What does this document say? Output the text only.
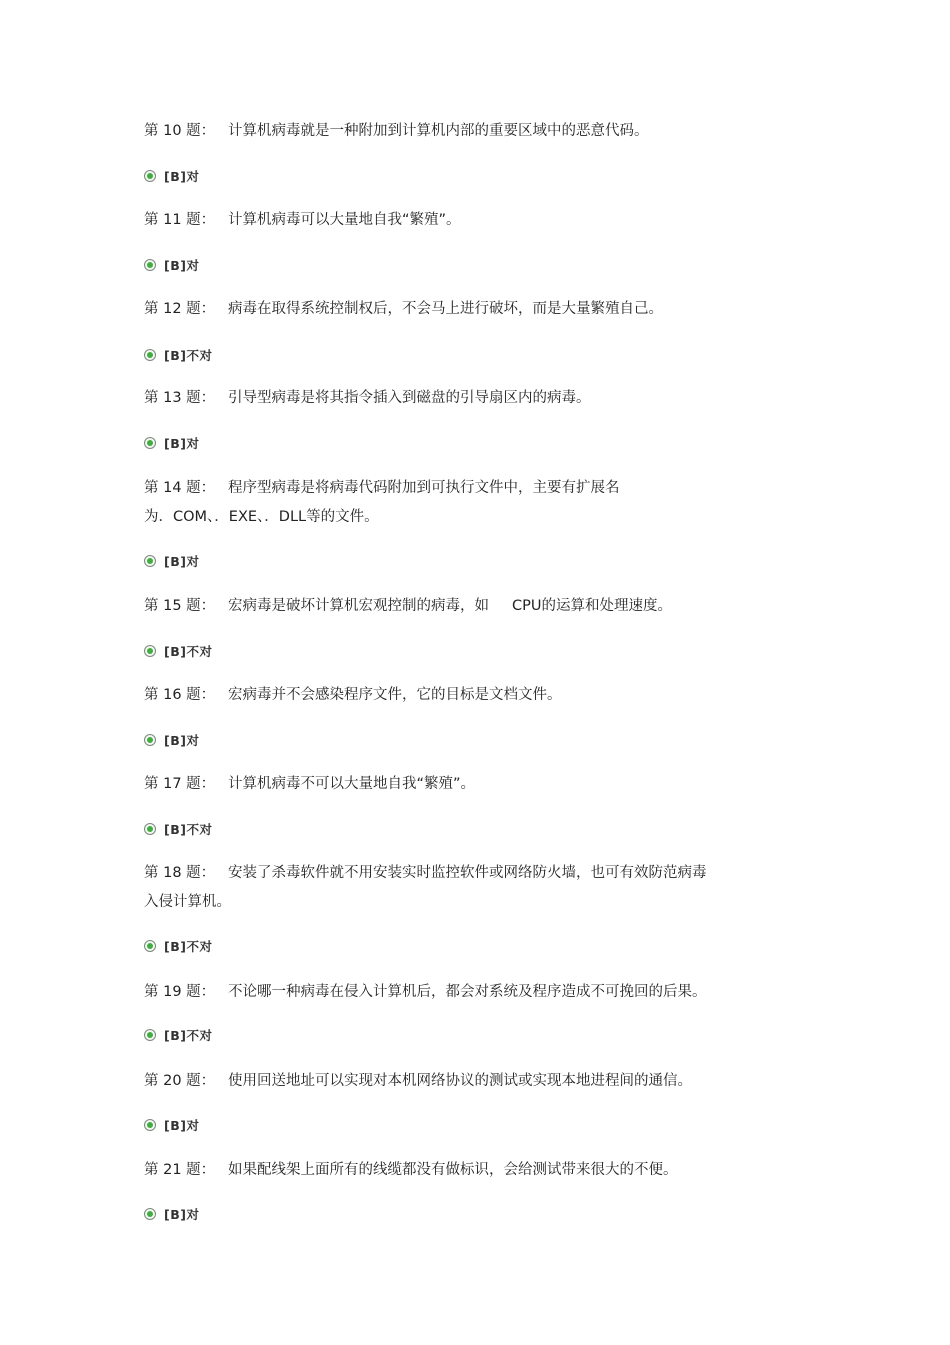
第 10 题： 计算机病毒就是一种附加到计算机内部的重要区域中的恶意代码。
[B]对
第 11 题： 计算机病毒可以大量地自我“繁殖”。
[B]对
第 12 题： 病毒在取得系统控制权后，不会马上进行破坏，而是大量繁殖自己。
[B]不对
第 13 题： 引导型病毒是将其指令插入到磁盘的引导扇区内的病毒。
[B]对
第 14 题： 程序型病毒是将病毒代码附加到可执行文件中，主要有扩展名
为．COM、．EXE、．DLL等的文件。
[B]对
第 15 题： 宏病毒是破坏计算机宏观控制的病毒，如     CPU的运算和处理速度。
[B]不对
第 16 题： 宏病毒并不会感染程序文件，它的目标是文档文件。
[B]对
第 17 题： 计算机病毒不可以大量地自我“繁殖”。
[B]不对
第 18 题： 安装了杀毒软件就不用安装实时监控软件或网络防火墙，也可有效防范病毒
入侵计算机。
[B]不对
第 19 题： 不论哪一种病毒在侵入计算机后，都会对系统及程序造成不可挽回的后果。
[B]不对
第 20 题： 使用回送地址可以实现对本机网络协议的测试或实现本地进程间的通信。
[B]对
第 21 题： 如果配线架上面所有的线缆都没有做标识，会给测试带来很大的不便。
[B]对
